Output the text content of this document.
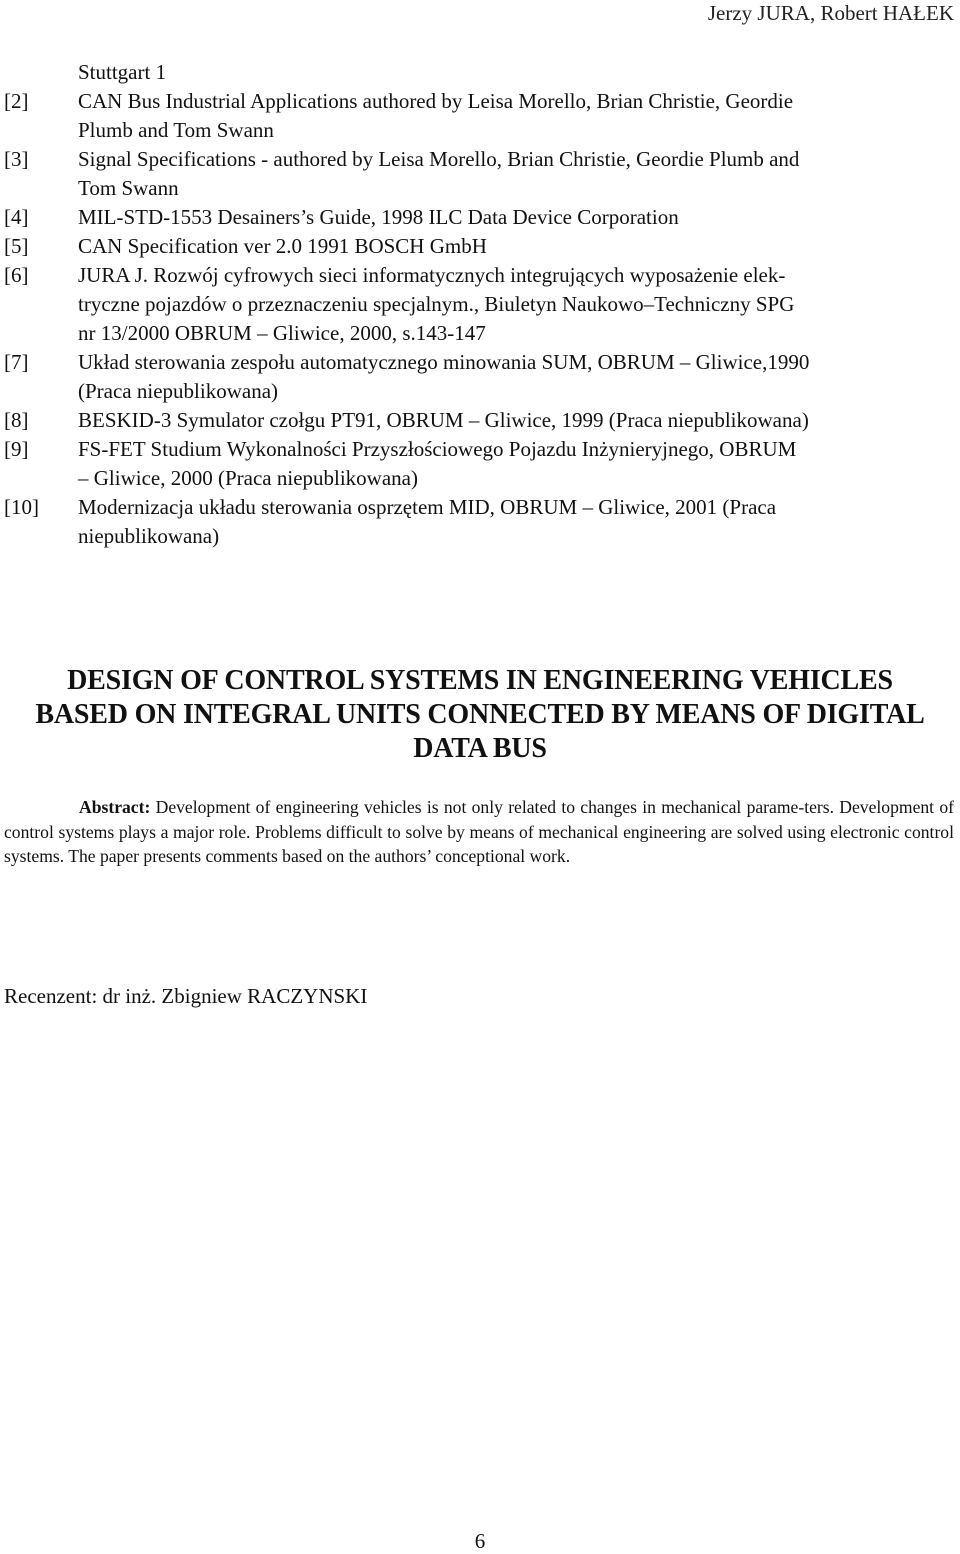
Jerzy JURA, Robert HAŁEK
Stuttgart 1
[2]	CAN Bus Industrial Applications authored by Leisa Morello, Brian Christie, Geordie
Plumb and Tom Swann
[3]	Signal Specifications - authored by Leisa Morello, Brian Christie, Geordie Plumb and
Tom Swann
[4]	MIL-STD-1553 Desainers’s Guide, 1998 ILC Data Device Corporation
[5]	CAN Specification ver 2.0 1991 BOSCH GmbH
[6]	JURA J. Rozwój cyfrowych sieci informatycznych integrujących wyposażenie elek-
tryczne pojazdów o przeznaczeniu specjalnym., Biuletyn Naukowo–Techniczny SPG
nr 13/2000 OBRUM – Gliwice, 2000, s.143-147
[7]	Układ sterowania zespołu automatycznego minowania SUM, OBRUM – Gliwice,1990
(Praca niepublikowana)
[8]	BESKID-3 Symulator czołgu PT91, OBRUM – Gliwice, 1999 (Praca niepublikowana)
[9]	FS-FET Studium Wykonalności Przyszłościowego Pojazdu Inżynieryjnego, OBRUM
– Gliwice, 2000 (Praca niepublikowana)
[10]	Modernizacja układu sterowania osprzętem MID, OBRUM – Gliwice, 2001 (Praca
niepublikowana)
DESIGN OF CONTROL SYSTEMS IN ENGINEERING VEHICLES
BASED ON INTEGRAL UNITS CONNECTED BY MEANS OF DIGITAL
DATA BUS
Abstract: Development of engineering vehicles is not only related to changes in mechanical parame-ters. Development of control systems plays a major role. Problems difficult to solve by means of mechanical engineering are solved using electronic control systems. The paper presents comments based on the authors’ conceptional work.
Recenzent: dr inż. Zbigniew RACZYNSKI
6
